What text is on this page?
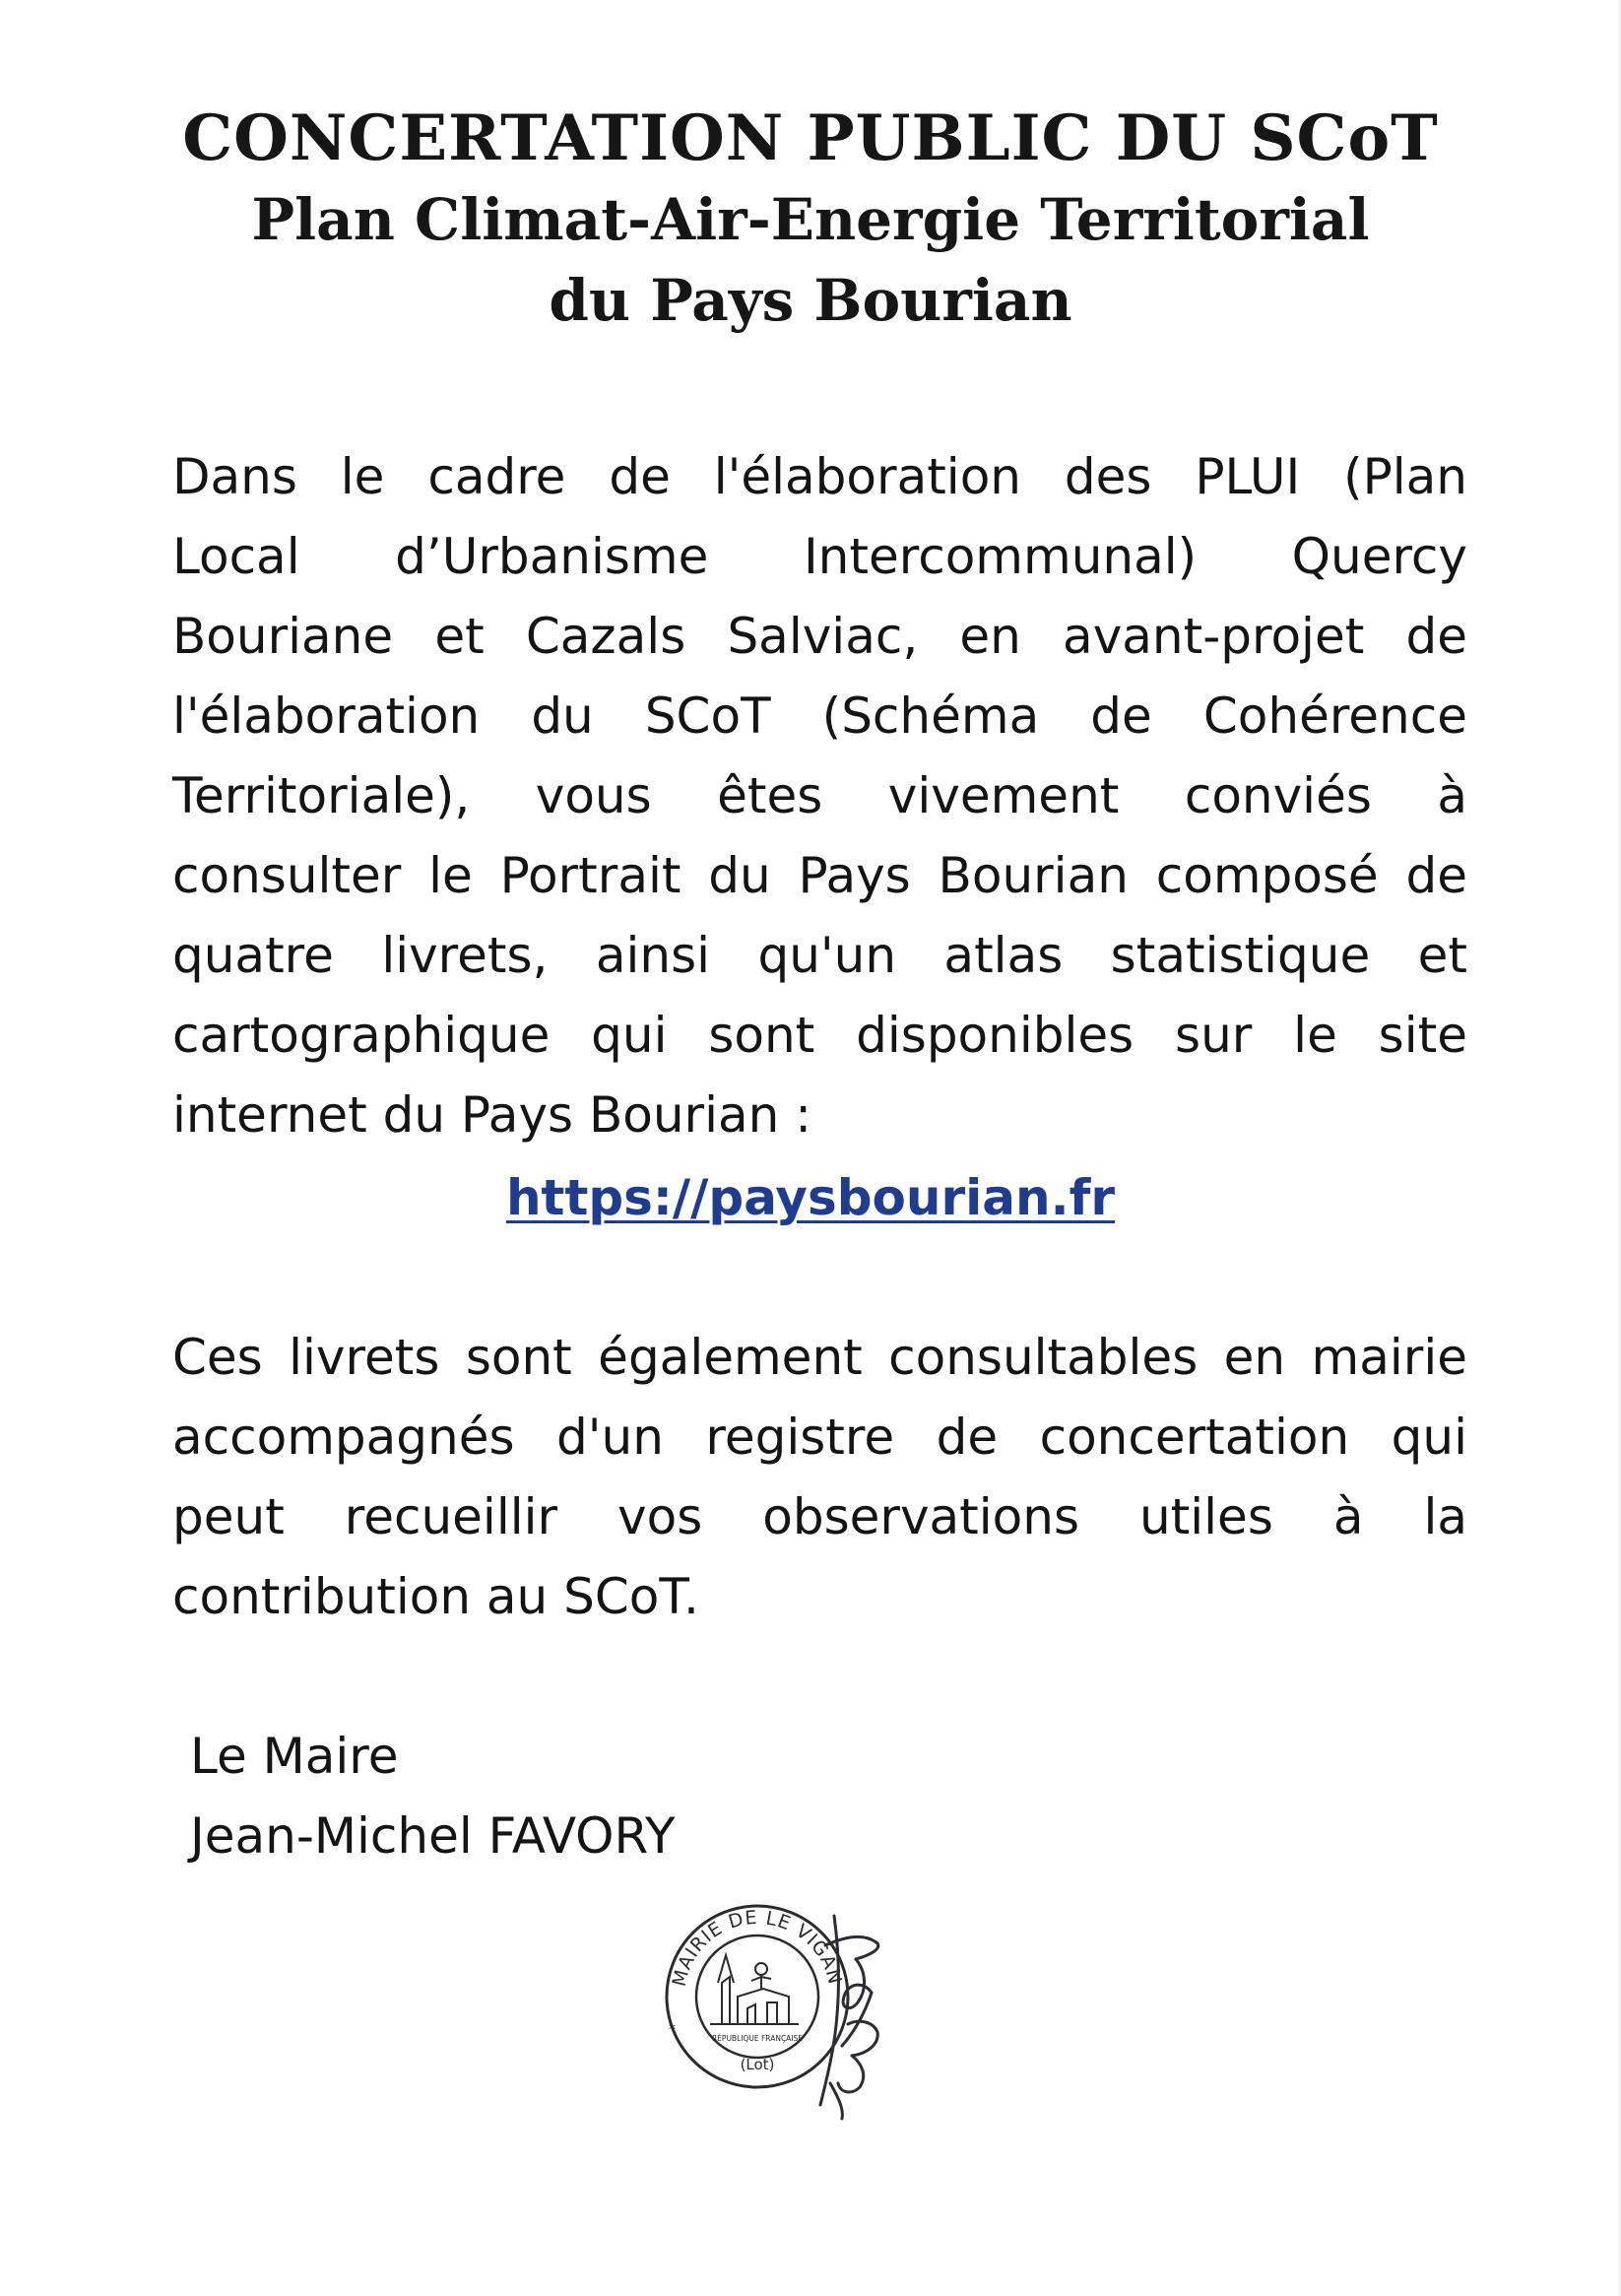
CONCERTATION PUBLIC DU SCoT
Plan Climat-Air-Energie Territorial
du Pays Bourian
Dans le cadre de l'élaboration des PLUI (Plan
Local d’Urbanisme Intercommunal) Quercy
Bouriane et Cazals Salviac, en avant-projet de
l'élaboration du SCoT (Schéma de Cohérence
Territoriale), vous êtes vivement conviés à
consulter le Portrait du Pays Bourian composé de
quatre livrets, ainsi qu'un atlas statistique et
cartographique qui sont disponibles sur le site
internet du Pays Bourian :
https://paysbourian.fr
Ces livrets sont également consultables en mairie
accompagnés d'un registre de concertation qui
peut recueillir vos observations utiles à la
contribution au SCoT.
Le Maire
Jean-Michel FAVORY
MAIRIE DE LE VIGAN
RÉPUBLIQUE FRANÇAISE
(Lot)
*
